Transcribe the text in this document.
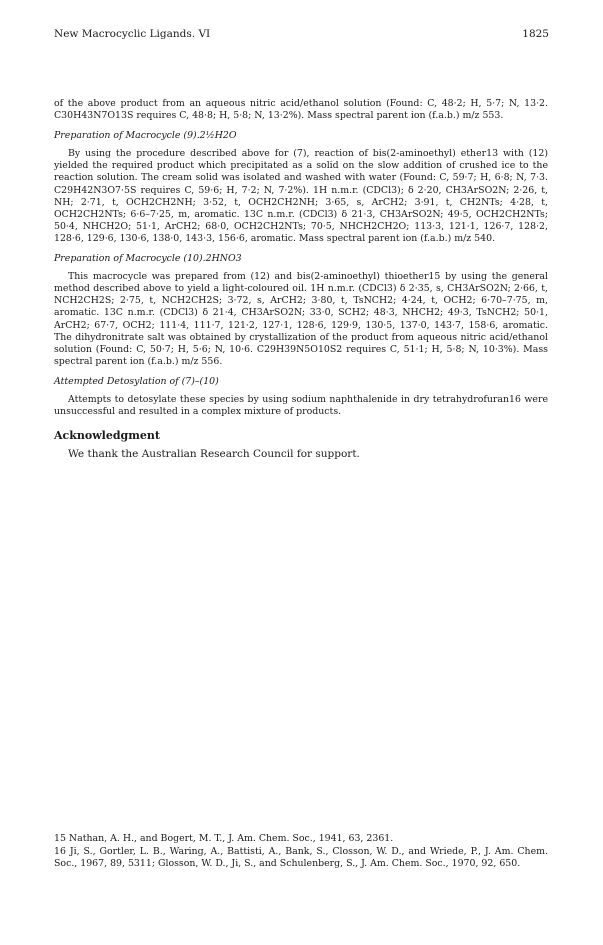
New Macrocyclic Ligands. VI	1825

of the above product from an aqueous nitric acid/ethanol solution (Found: C, 48·2; H, 5·7; N, 13·2. C30H43N7O13S requires C, 48·8; H, 5·8; N, 13·2%). Mass spectral parent ion (f.a.b.) m/z 553.

Preparation of Macrocycle (9).2½H2O

By using the procedure described above for (7), reaction of bis(2-aminoethyl) ether13 with (12) yielded the required product which precipitated as a solid on the slow addition of crushed ice to the reaction solution. The cream solid was isolated and washed with water (Found: C, 59·7; H, 6·8; N, 7·3. C29H42N3O7·5S requires C, 59·6; H, 7·2; N, 7·2%). 1H n.m.r. (CDCl3); δ 2·20, CH3ArSO2N; 2·26, t, NH; 2·71, t, OCH2CH2NH; 3·52, t, OCH2CH2NH; 3·65, s, ArCH2; 3·91, t, CH2NTs; 4·28, t, OCH2CH2NTs; 6·6–7·25, m, aromatic. 13C n.m.r. (CDCl3) δ 21·3, CH3ArSO2N; 49·5, OCH2CH2NTs; 50·4, NHCH2O; 51·1, ArCH2; 68·0, OCH2CH2NTs; 70·5, NHCH2CH2O; 113·3, 121·1, 126·7, 128·2, 128·6, 129·6, 130·6, 138·0, 143·3, 156·6, aromatic. Mass spectral parent ion (f.a.b.) m/z 540.

Preparation of Macrocycle (10).2HNO3

This macrocycle was prepared from (12) and bis(2-aminoethyl) thioether15 by using the general method described above to yield a light-coloured oil. 1H n.m.r. (CDCl3) δ 2·35, s, CH3ArSO2N; 2·66, t, NCH2CH2S; 2·75, t, NCH2CH2S; 3·72, s, ArCH2; 3·80, t, TsNCH2; 4·24, t, OCH2; 6·70–7·75, m, aromatic. 13C n.m.r. (CDCl3) δ 21·4, CH3ArSO2N; 33·0, SCH2; 48·3, NHCH2; 49·3, TsNCH2; 50·1, ArCH2; 67·7, OCH2; 111·4, 111·7, 121·2, 127·1, 128·6, 129·9, 130·5, 137·0, 143·7, 158·6, aromatic. The dihydronitrate salt was obtained by crystallization of the product from aqueous nitric acid/ethanol solution (Found: C, 50·7; H, 5·6; N, 10·6. C29H39N5O10S2 requires C, 51·1; H, 5·8; N, 10·3%). Mass spectral parent ion (f.a.b.) m/z 556.

Attempted Detosylation of (7)–(10)

Attempts to detosylate these species by using sodium naphthalenide in dry tetrahydrofuran16 were unsuccessful and resulted in a complex mixture of products.

Acknowledgment

We thank the Australian Research Council for support.

15 Nathan, A. H., and Bogert, M. T., J. Am. Chem. Soc., 1941, 63, 2361.

16 Ji, S., Gortler, L. B., Waring, A., Battisti, A., Bank, S., Closson, W. D., and Wriede, P., J. Am. Chem. Soc., 1967, 89, 5311; Glosson, W. D., Ji, S., and Schulenberg, S., J. Am. Chem. Soc., 1970, 92, 650.
